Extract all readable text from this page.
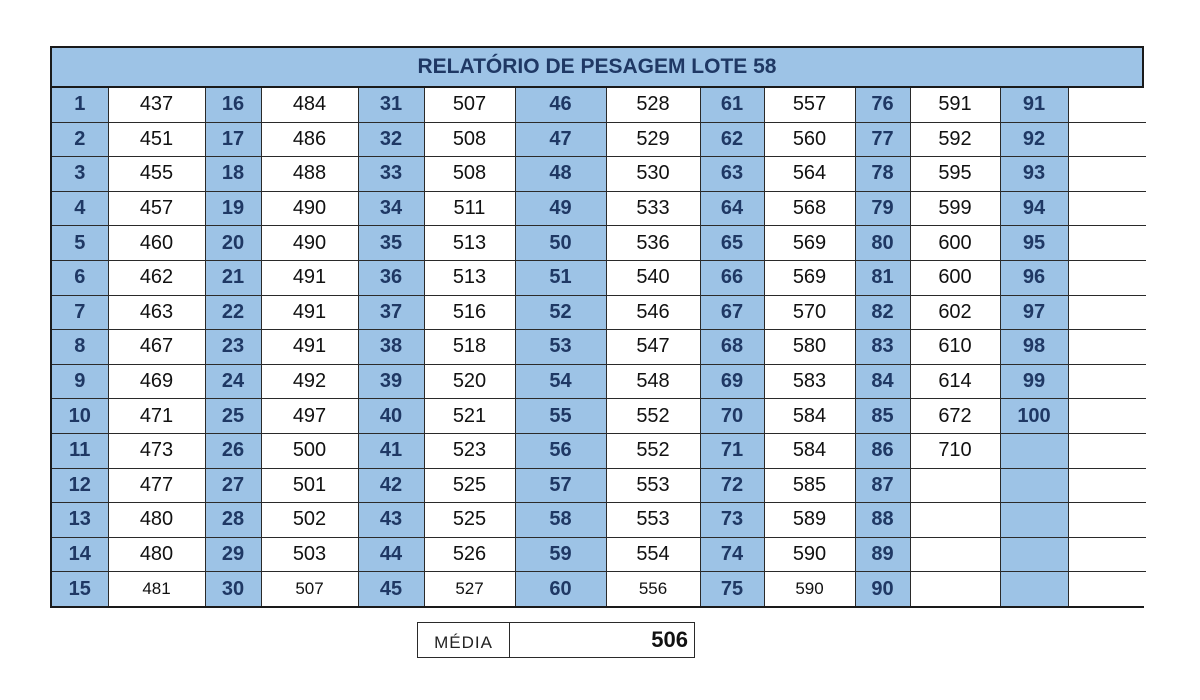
RELATÓRIO DE PESAGEM LOTE 58
1	437	16	484	31	507	46	528	61	557	76	591	91	
2	451	17	486	32	508	47	529	62	560	77	592	92	
3	455	18	488	33	508	48	530	63	564	78	595	93	
4	457	19	490	34	511	49	533	64	568	79	599	94	
5	460	20	490	35	513	50	536	65	569	80	600	95	
6	462	21	491	36	513	51	540	66	569	81	600	96	
7	463	22	491	37	516	52	546	67	570	82	602	97	
8	467	23	491	38	518	53	547	68	580	83	610	98	
9	469	24	492	39	520	54	548	69	583	84	614	99	
10	471	25	497	40	521	55	552	70	584	85	672	100	
11	473	26	500	41	523	56	552	71	584	86	710		
12	477	27	501	42	525	57	553	72	585	87			
13	480	28	502	43	525	58	553	73	589	88			
14	480	29	503	44	526	59	554	74	590	89			
15	481	30	507	45	527	60	556	75	590	90			
MÉDIA	506
